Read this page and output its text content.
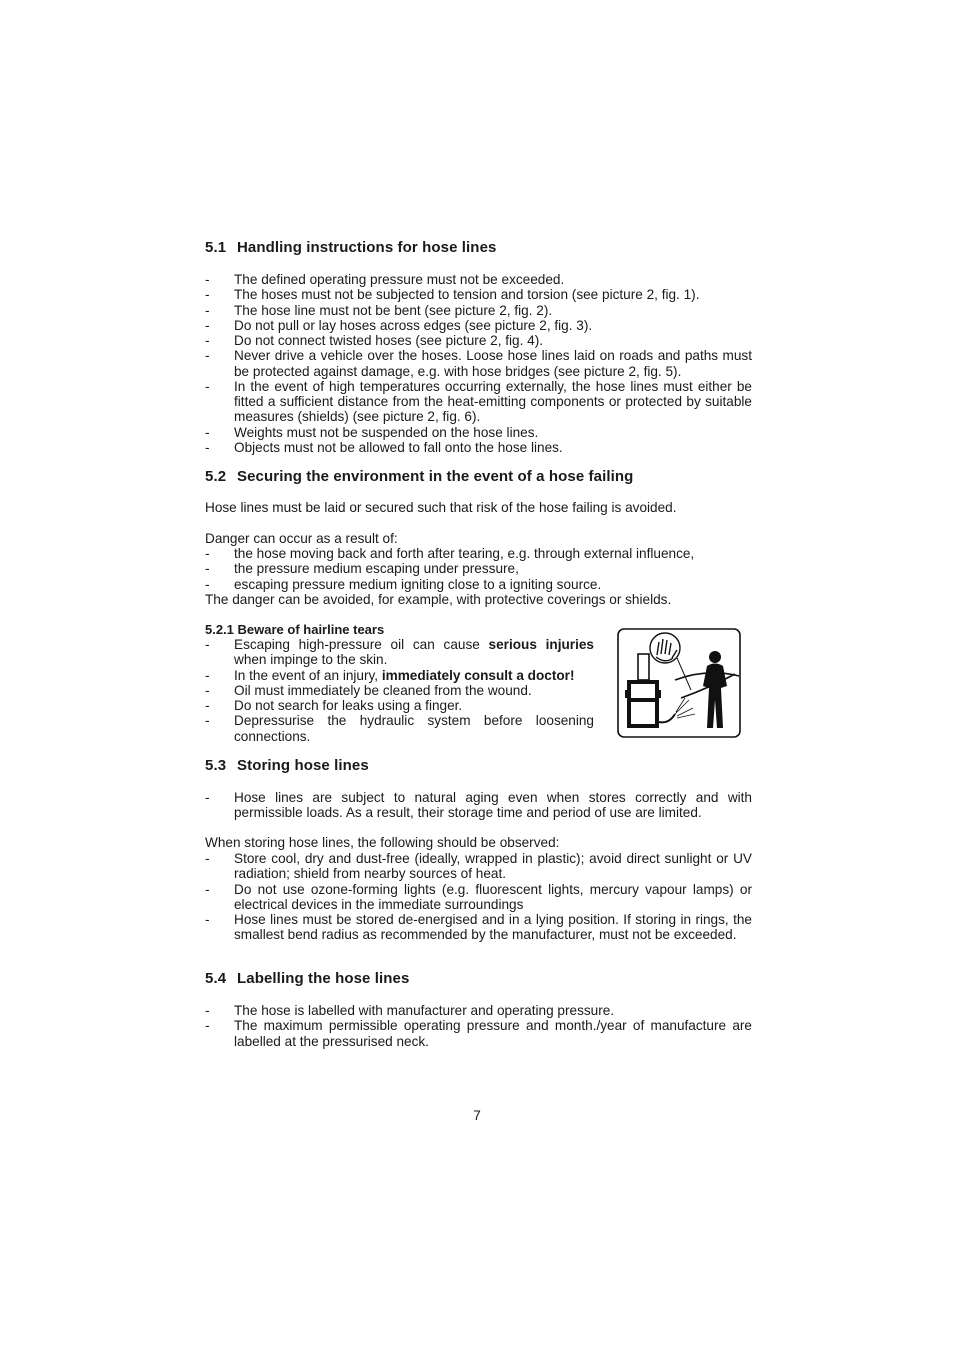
5.1 Handling instructions for hose lines
- The defined operating pressure must not be exceeded.
- The hoses must not be subjected to tension and torsion (see picture 2, fig. 1).
- The hose line must not be bent (see picture 2, fig. 2).
- Do not pull or lay hoses across edges (see picture 2, fig. 3).
- Do not connect twisted hoses (see picture 2, fig. 4).
- Never drive a vehicle over the hoses. Loose hose lines laid on roads and paths must be protected against damage, e.g. with hose bridges (see picture 2, fig. 5).
- In the event of high temperatures occurring externally, the hose lines must either be fitted a sufficient distance from the heat-emitting components or protected by suitable measures (shields) (see picture 2, fig. 6).
- Weights must not be suspended on the hose lines.
- Objects must not be allowed to fall onto the hose lines.
5.2 Securing the environment in the event of a hose failing

Hose lines must be laid or secured such that risk of the hose failing is avoided.

Danger can occur as a result of:

- the hose moving back and forth after tearing, e.g. through external influence,
- the pressure medium escaping under pressure,
- escaping pressure medium igniting close to a igniting source.

The danger can be avoided, for example, with protective coverings or shields.

5.2.1 Beware of hairline tears
- Escaping high-pressure oil can cause serious injuries when impinge to the skin.
- In the event of an injury, immediately consult a doctor!
- Oil must immediately be cleaned from the wound.
- Do not search for leaks using a finger.
- Depressurise the hydraulic system before loosening connections.
5.3 Storing hose lines
- Hose lines are subject to natural aging even when stores correctly and with permissible loads. As a result, their storage time and period of use are limited.

When storing hose lines, the following should be observed:

- Store cool, dry and dust-free (ideally, wrapped in plastic); avoid direct sunlight or UV radiation; shield from nearby sources of heat.
- Do not use ozone-forming lights (e.g. fluorescent lights, mercury vapour lamps) or electrical devices in the immediate surroundings
- Hose lines must be stored de-energised and in a lying position. If storing in rings, the smallest bend radius as recommended by the manufacturer, must not be exceeded.
5.4 Labelling the hose lines
- The hose is labelled with manufacturer and operating pressure.
- The maximum permissible operating pressure and month./year of manufacture are labelled at the pressurised neck.
7
